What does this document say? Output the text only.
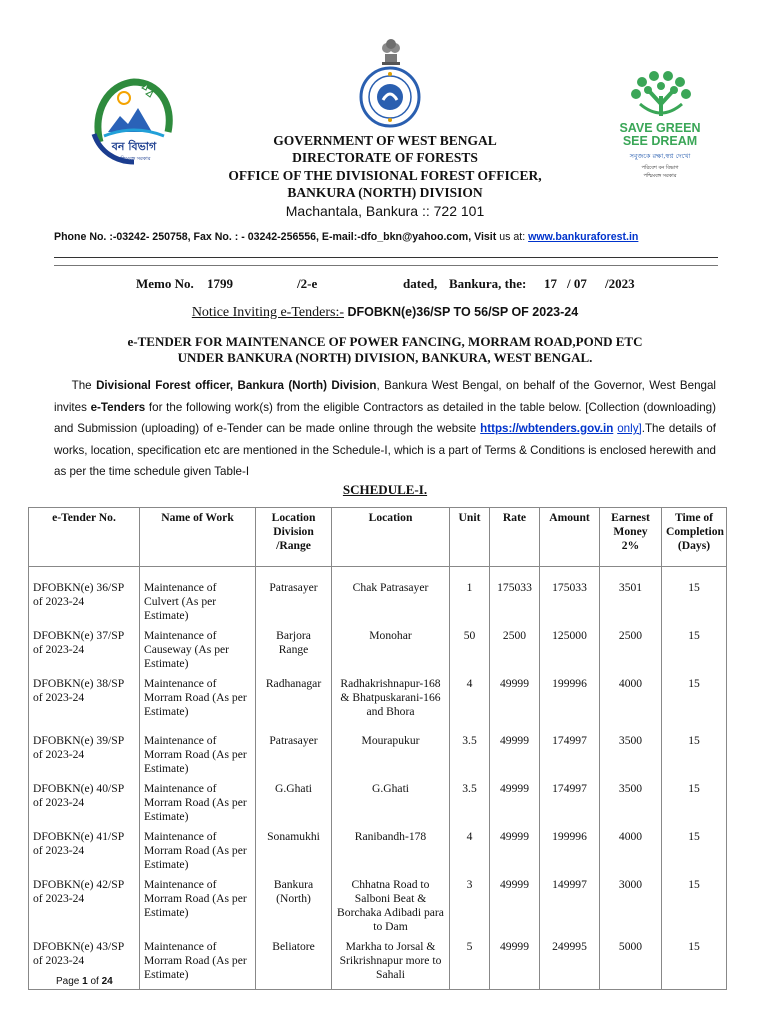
বন বিভাগ
পশ্চিমবঙ্গ সরকার
SAVE GREEN
SEE DREAM
সবুজকে রক্ষা,স্বপ্ন দেখো
পরিবেশ বন বিভাগ
পশ্চিমবঙ্গ সরকার
GOVERNMENT OF WEST BENGAL
DIRECTORATE OF FORESTS
OFFICE OF THE DIVISIONAL FOREST OFFICER,
BANKURA (NORTH) DIVISION
Machantala, Bankura :: 722 101
Phone No. :-03242- 250758, Fax No. : - 03242-256556, E-mail:-dfo_bkn@yahoo.com, Visit us at: www.bankuraforest.in
Memo No. 1799	/2-e	dated, Bankura, the: 17 / 07 /2023
Notice Inviting e-Tenders:- DFOBKN(e)36/SP TO 56/SP OF 2023-24
e-TENDER FOR MAINTENANCE OF POWER FANCING, MORRAM ROAD,POND ETC
UNDER BANKURA (NORTH) DIVISION, BANKURA, WEST BENGAL.
The Divisional Forest officer, Bankura (North) Division, Bankura West Bengal, on behalf of the Governor, West Bengal invites e-Tenders for the following work(s) from the eligible Contractors as detailed in the table below. [Collection (downloading) and Submission (uploading) of e-Tender can be made online through the website https://wbtenders.gov.in only].The details of works, location, specification etc are mentioned in the Schedule-I, which is a part of Terms & Conditions is enclosed herewith and as per the time schedule given Table-I
SCHEDULE-I.
e-Tender No.	Name of Work	Location Division /Range	Location	Unit	Rate	Amount	Earnest Money 2%	Time of Completion (Days)
DFOBKN(e) 36/SP of 2023-24	Maintenance of Culvert (As per Estimate)	Patrasayer	Chak Patrasayer	1	175033	175033	3501	15
DFOBKN(e) 37/SP of 2023-24	Maintenance of Causeway (As per Estimate)	Barjora Range	Monohar	50	2500	125000	2500	15
DFOBKN(e) 38/SP of 2023-24	Maintenance of Morram Road (As per Estimate)	Radhanagar	Radhakrishnapur-168 & Bhatpuskarani-166 and Bhora	4	49999	199996	4000	15
DFOBKN(e) 39/SP of 2023-24	Maintenance of Morram Road (As per Estimate)	Patrasayer	Mourapukur	3.5	49999	174997	3500	15
DFOBKN(e) 40/SP of 2023-24	Maintenance of Morram Road (As per Estimate)	G.Ghati	G.Ghati	3.5	49999	174997	3500	15
DFOBKN(e) 41/SP of 2023-24	Maintenance of Morram Road (As per Estimate)	Sonamukhi	Ranibandh-178	4	49999	199996	4000	15
DFOBKN(e) 42/SP of 2023-24	Maintenance of Morram Road (As per Estimate)	Bankura (North)	Chhatna Road to Salboni Beat & Borchaka Adibadi para to Dam	3	49999	149997	3000	15
DFOBKN(e) 43/SP of 2023-24	Maintenance of Morram Road (As per Estimate)	Beliatore	Markha to Jorsal & Srikrishnapur more to Sahali	5	49999	249995	5000	15
Page 1 of 24
